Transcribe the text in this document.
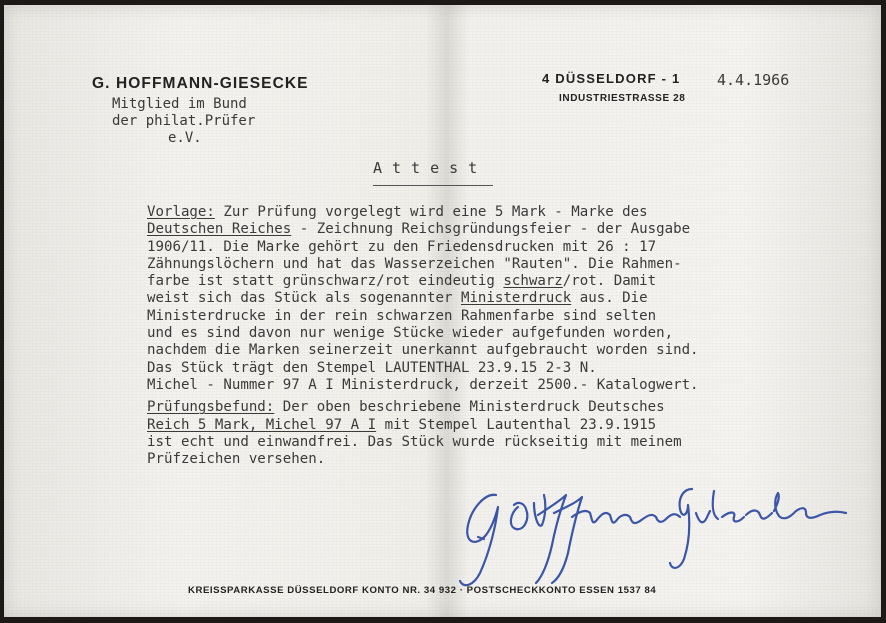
G. HOFFMANN-GIESECKE	4 DÜSSELDORF - 1 4.4.1966
INDUSTRIESTRASSE 28
Mitglied im Bund
der philat.Prüfer
e.V.
Attest
Vorlage: Zur Prüfung vorgelegt wird eine 5 Mark - Marke des
Deutschen Reiches - Zeichnung Reichsgründungsfeier - der Ausgabe
1906/11. Die Marke gehört zu den Friedensdrucken mit 26 : 17
Zähnungslöchern und hat das Wasserzeichen "Rauten". Die Rahmen-
farbe ist statt grünschwarz/rot eindeutig schwarz/rot. Damit
weist sich das Stück als sogenannter Ministerdruck aus. Die
Ministerdrucke in der rein schwarzen Rahmenfarbe sind selten
und es sind davon nur wenige Stücke wieder aufgefunden worden,
nachdem die Marken seinerzeit unerkannt aufgebraucht worden sind.
Das Stück trägt den Stempel LAUTENTHAL 23.9.15 2-3 N.
Michel - Nummer 97 A I Ministerdruck, derzeit 2500.- Katalogwert.
Prüfungsbefund: Der oben beschriebene Ministerdruck Deutsches
Reich 5 Mark, Michel 97 A I mit Stempel Lautenthal 23.9.1915
ist echt und einwandfrei. Das Stück wurde rückseitig mit meinem
Prüfzeichen versehen.
KREISSPARKASSE DÜSSELDORF KONTO NR. 34 932 · POSTSCHECKKONTO ESSEN 1537 84
